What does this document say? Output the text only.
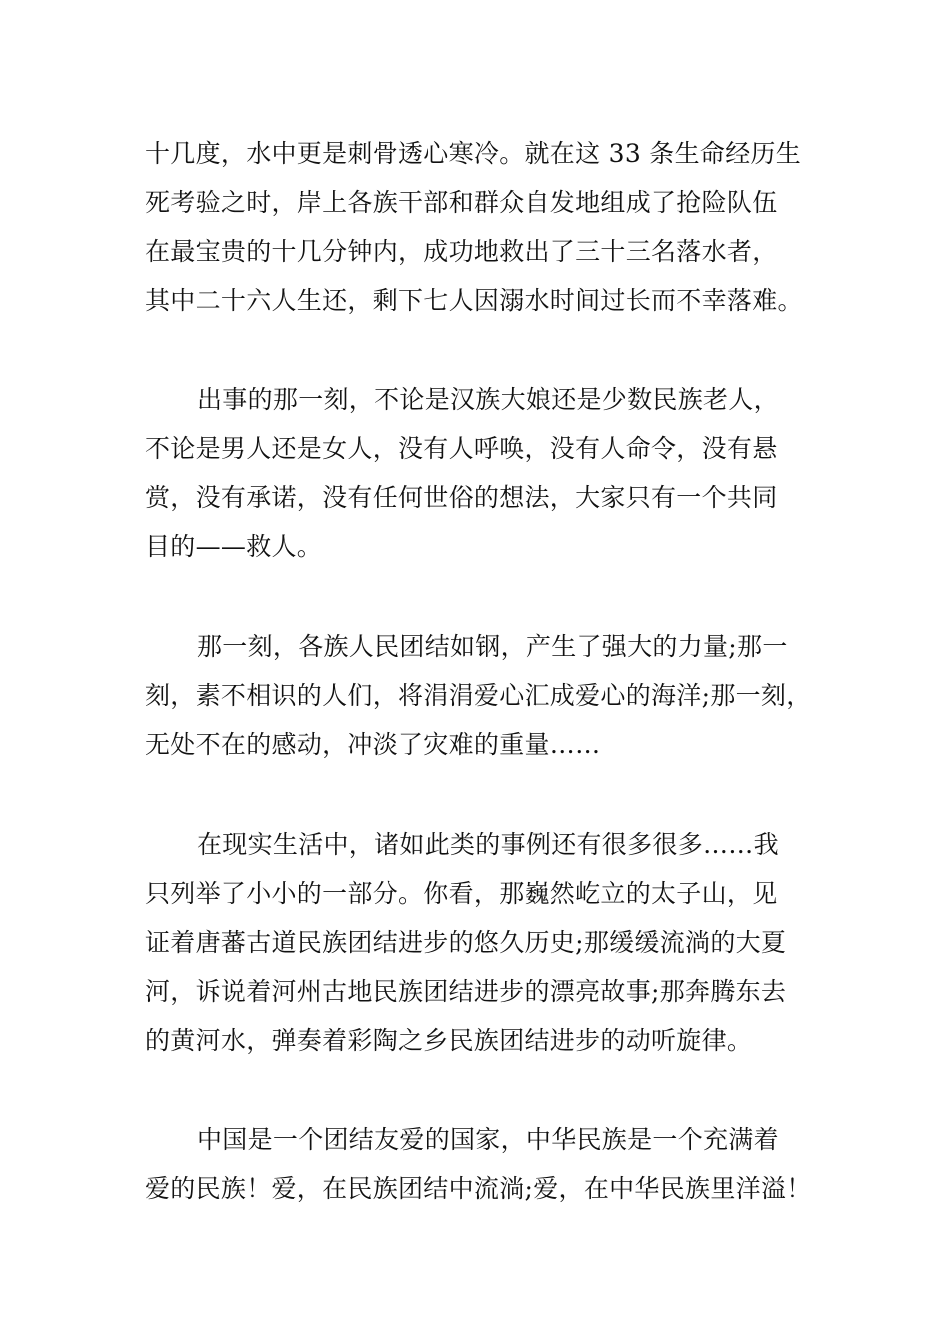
十几度，水中更是刺骨透心寒冷。就在这 33 条生命经历生
死考验之时，岸上各族干部和群众自发地组成了抢险队伍
在最宝贵的十几分钟内，成功地救出了三十三名落水者，
其中二十六人生还，剩下七人因溺水时间过长而不幸落难。
出事的那一刻，不论是汉族大娘还是少数民族老人，
不论是男人还是女人，没有人呼唤，没有人命令，没有悬
赏，没有承诺，没有任何世俗的想法，大家只有一个共同
目的——救人。
那一刻，各族人民团结如钢，产生了强大的力量;那一
刻，素不相识的人们，将涓涓爱心汇成爱心的海洋;那一刻，
无处不在的感动，冲淡了灾难的重量……
在现实生活中，诸如此类的事例还有很多很多……我
只列举了小小的一部分。你看，那巍然屹立的太子山，见
证着唐蕃古道民族团结进步的悠久历史;那缓缓流淌的大夏
河，诉说着河州古地民族团结进步的漂亮故事;那奔腾东去
的黄河水，弹奏着彩陶之乡民族团结进步的动听旋律。
中国是一个团结友爱的国家，中华民族是一个充满着
爱的民族！爱，在民族团结中流淌;爱，在中华民族里洋溢！
